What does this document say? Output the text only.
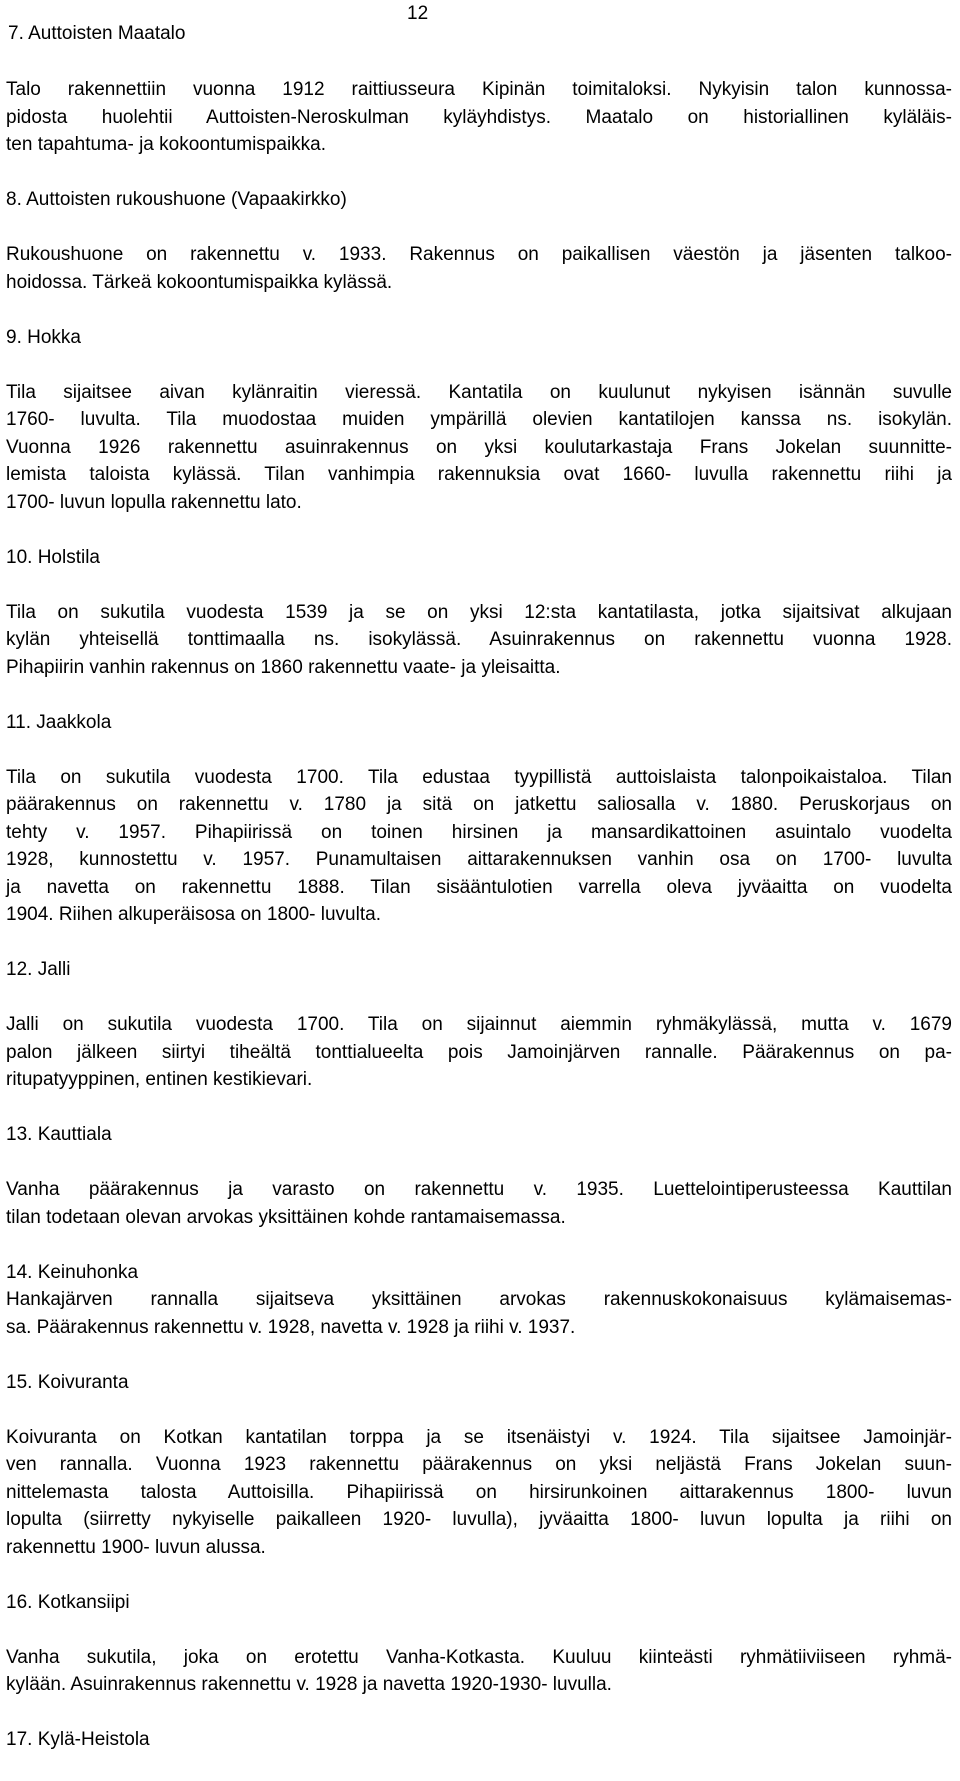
7. Auttoisten Maatalo
12
Talo rakennettiin vuonna 1912 raittiusseura Kipinän toimitaloksi. Nykyisin talon kunnossa-
pidosta huolehtii Auttoisten-Neroskulman kyläyhdistys. Maatalo on historiallinen kyläläis-
ten tapahtuma- ja kokoontumispaikka.
8. Auttoisten rukoushuone (Vapaakirkko)
Rukoushuone on rakennettu v. 1933. Rakennus on paikallisen väestön ja jäsenten talkoo-
hoidossa. Tärkeä kokoontumispaikka kylässä.
9. Hokka
Tila sijaitsee aivan kylänraitin vieressä. Kantatila on kuulunut nykyisen isännän suvulle
1760- luvulta. Tila muodostaa muiden ympärillä olevien kantatilojen kanssa ns. isokylän.
Vuonna 1926 rakennettu asuinrakennus on yksi koulutarkastaja Frans Jokelan suunnitte-
lemista taloista kylässä. Tilan vanhimpia rakennuksia ovat 1660- luvulla rakennettu riihi ja
1700- luvun lopulla rakennettu lato.
10. Holstila
Tila on sukutila vuodesta 1539 ja se on yksi 12:sta kantatilasta, jotka sijaitsivat alkujaan
kylän yhteisellä tonttimaalla ns. isokylässä. Asuinrakennus on rakennettu vuonna 1928.
Pihapiirin vanhin rakennus on 1860 rakennettu vaate- ja yleisaitta.
11. Jaakkola
Tila on sukutila vuodesta 1700. Tila edustaa tyypillistä auttoislaista talonpoikaistaloa. Tilan
päärakennus on rakennettu v. 1780 ja sitä on jatkettu saliosalla v. 1880. Peruskorjaus on
tehty v. 1957. Pihapiirissä on toinen hirsinen ja mansardikattoinen asuintalo vuodelta
1928, kunnostettu v. 1957. Punamultaisen aittarakennuksen vanhin osa on 1700- luvulta
ja navetta on rakennettu 1888. Tilan sisääntulotien varrella oleva jyväaitta on vuodelta
1904. Riihen alkuperäisosa on 1800- luvulta.
12. Jalli
Jalli on sukutila vuodesta 1700. Tila on sijainnut aiemmin ryhmäkylässä, mutta v. 1679
palon jälkeen siirtyi tiheältä tonttialueelta pois Jamoinjärven rannalle. Päärakennus on pa-
ritupatyyppinen, entinen kestikievari.
13. Kauttiala
Vanha päärakennus ja varasto on rakennettu v. 1935. Luettelointiperusteessa Kauttilan
tilan todetaan olevan arvokas yksittäinen kohde rantamaisemassa.
14. Keinuhonka
Hankajärven rannalla sijaitseva yksittäinen arvokas rakennuskokonaisuus kylämaisemas-
sa. Päärakennus rakennettu v. 1928, navetta v. 1928 ja riihi v. 1937.
15. Koivuranta
Koivuranta on Kotkan kantatilan torppa ja se itsenäistyi v. 1924. Tila sijaitsee Jamoinjär-
ven rannalla. Vuonna 1923 rakennettu päärakennus on yksi neljästä Frans Jokelan suun-
nittelemasta talosta Auttoisilla. Pihapiirissä on hirsirunkoinen aittarakennus 1800- luvun
lopulta (siirretty nykyiselle paikalleen 1920- luvulla), jyväaitta 1800- luvun lopulta ja riihi on
rakennettu 1900- luvun alussa.
16. Kotkansiipi
Vanha sukutila, joka on erotettu Vanha-Kotkasta. Kuuluu kiinteästi ryhmätiiviiseen ryhmä-
kylään. Asuinrakennus rakennettu v. 1928 ja navetta 1920-1930- luvulla.
17. Kylä-Heistola
